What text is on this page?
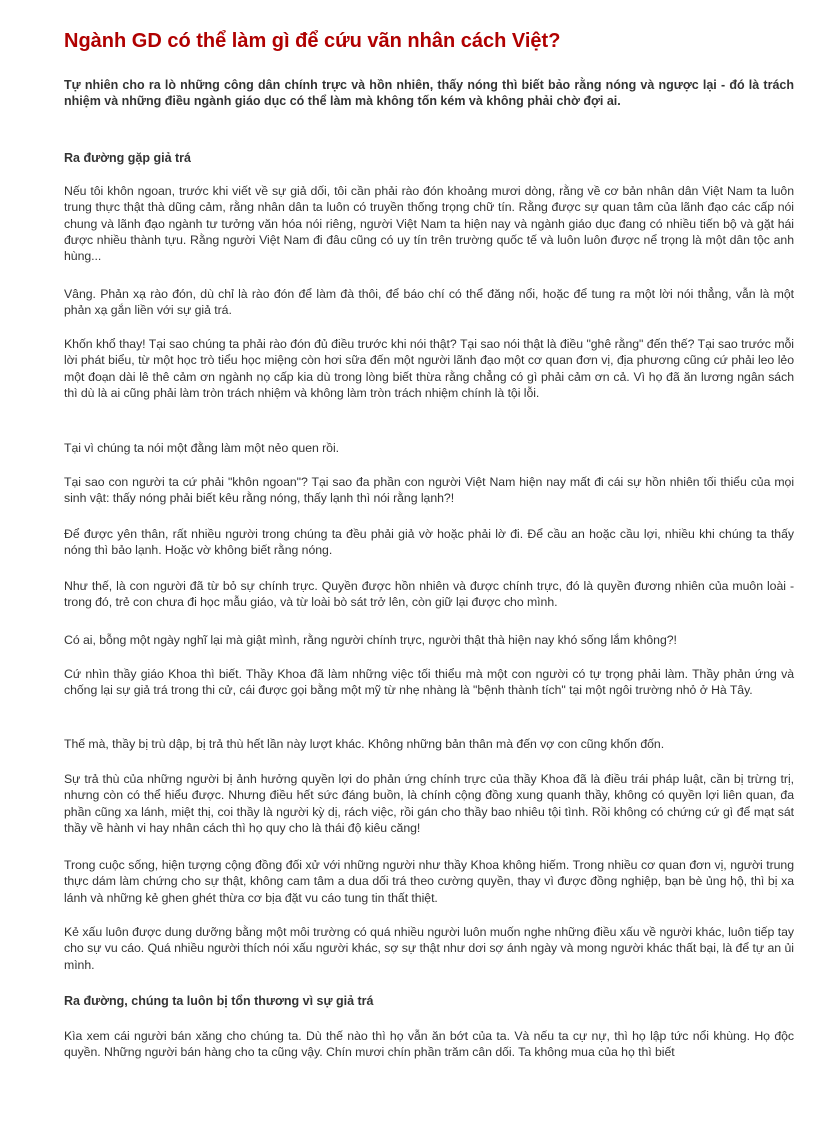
Ngành GD có thể làm gì để cứu vãn nhân cách Việt?

Tự nhiên cho ra lò những công dân chính trực và hồn nhiên, thấy nóng thì biết bảo rằng nóng và ngược lại - đó là trách nhiệm và những điều ngành giáo dục có thể làm mà không tốn kém và không phải chờ đợi ai.

Ra đường gặp giả trá

Nếu tôi khôn ngoan, trước khi viết về sự giả dối, tôi cần phải rào đón khoảng mươi dòng, rằng về cơ bản nhân dân Việt Nam ta luôn trung thực thật thà dũng cảm, rằng nhân dân ta luôn có truyền thống trọng chữ tín. Rằng được sự quan tâm của lãnh đạo các cấp nói chung và lãnh đạo ngành tư tưởng văn hóa nói riêng, người Việt Nam ta hiện nay và ngành giáo dục đang có nhiều tiến bộ và gặt hái được nhiều thành tựu. Rằng người Việt Nam đi đâu cũng có uy tín trên trường quốc tế và luôn luôn được nể trọng là một dân tộc anh hùng...

Vâng. Phản xạ rào đón, dù chỉ là rào đón để làm đà thôi, để báo chí có thể đăng nổi, hoặc để tung ra một lời nói thẳng, vẫn là một phản xạ gắn liền với sự giả trá.

Khốn khổ thay! Tại sao chúng ta phải rào đón đủ điều trước khi nói thật? Tại sao nói thật là điều "ghê rằng" đến thế? Tại sao trước mỗi lời phát biểu, từ một học trò tiểu học miệng còn hơi sữa đến một người lãnh đạo một cơ quan đơn vị, địa phương cũng cứ phải leo lẻo một đoạn dài lê thê cảm ơn ngành nọ cấp kia dù trong lòng biết thừa rằng chẳng có gì phải cảm ơn cả. Vì họ đã ăn lương ngân sách thì dù là ai cũng phải làm tròn trách nhiệm và không làm tròn trách nhiệm chính là tội lỗi.

Tại vì chúng ta nói một đằng làm một nẻo quen rồi.

Tại sao con người ta cứ phải "khôn ngoan"? Tại sao đa phần con người Việt Nam hiện nay mất đi cái sự hồn nhiên tối thiểu của mọi sinh vật: thấy nóng phải biết kêu rằng nóng, thấy lạnh thì nói rằng lạnh?!

Để được yên thân, rất nhiều người trong chúng ta đều phải giả vờ hoặc phải lờ đi. Để cầu an hoặc cầu lợi, nhiều khi chúng ta thấy nóng thì bảo lạnh. Hoặc vờ không biết rằng nóng.

Như thế, là con người đã từ bỏ sự chính trực. Quyền được hồn nhiên và được chính trực, đó là quyền đương nhiên của muôn loài - trong đó, trẻ con chưa đi học mẫu giáo, và từ loài bò sát trở lên, còn giữ lại được cho mình.

Có ai, bỗng một ngày nghĩ lại mà giật mình, rằng người chính trực, người thật thà hiện nay khó sống lắm không?!

Cứ nhìn thầy giáo Khoa thì biết. Thầy Khoa đã làm những việc tối thiểu mà một con người có tự trọng phải làm. Thầy phản ứng và chống lại sự giả trá trong thi cử, cái được gọi bằng một mỹ từ nhẹ nhàng là "bệnh thành tích" tại một ngôi trường nhỏ ở Hà Tây.

Thế mà, thầy bị trù dập, bị trả thù hết lần này lượt khác. Không những bản thân mà đến vợ con cũng khốn đốn.

Sự trả thù của những người bị ảnh hưởng quyền lợi do phản ứng chính trực của thầy Khoa đã là điều trái pháp luật, cần bị trừng trị, nhưng còn có thể hiểu được. Nhưng điều hết sức đáng buồn, là chính cộng đồng xung quanh thầy, không có quyền lợi liên quan, đa phần cũng xa lánh, miệt thị, coi thầy là người kỳ dị, rách việc, rồi gán cho thầy bao nhiêu tội tình. Rồi không có chứng cứ gì để mạt sát thầy về hành vi hay nhân cách thì họ quy cho là thái độ kiêu căng!

Trong cuộc sống, hiện tượng cộng đồng đối xử với những người như thầy Khoa không hiếm. Trong nhiều cơ quan đơn vị, người trung thực dám làm chứng cho sự thật, không cam tâm a dua dối trá theo cường quyền, thay vì được đồng nghiệp, bạn bè ủng hộ, thì bị xa lánh và những kẻ ghen ghét thừa cơ bịa đặt vu cáo tung tin thất thiệt.

Kẻ xấu luôn được dung dưỡng bằng một môi trường có quá nhiều người luôn muốn nghe những điều xấu về người khác, luôn tiếp tay cho sự vu cáo. Quá nhiều người thích nói xấu người khác, sợ sự thật như dơi sợ ánh ngày và mong người khác thất bại, là để tự an ủi mình.

Ra đường, chúng ta luôn bị tổn thương vì sự giả trá

Kìa xem cái người bán xăng cho chúng ta. Dù thế nào thì họ vẫn ăn bớt của ta. Và nếu ta cự nự, thì họ lập tức nổi khùng. Họ độc quyền. Những người bán hàng cho ta cũng vậy. Chín mươi chín phần trăm cân dối. Ta không mua của họ thì biết
